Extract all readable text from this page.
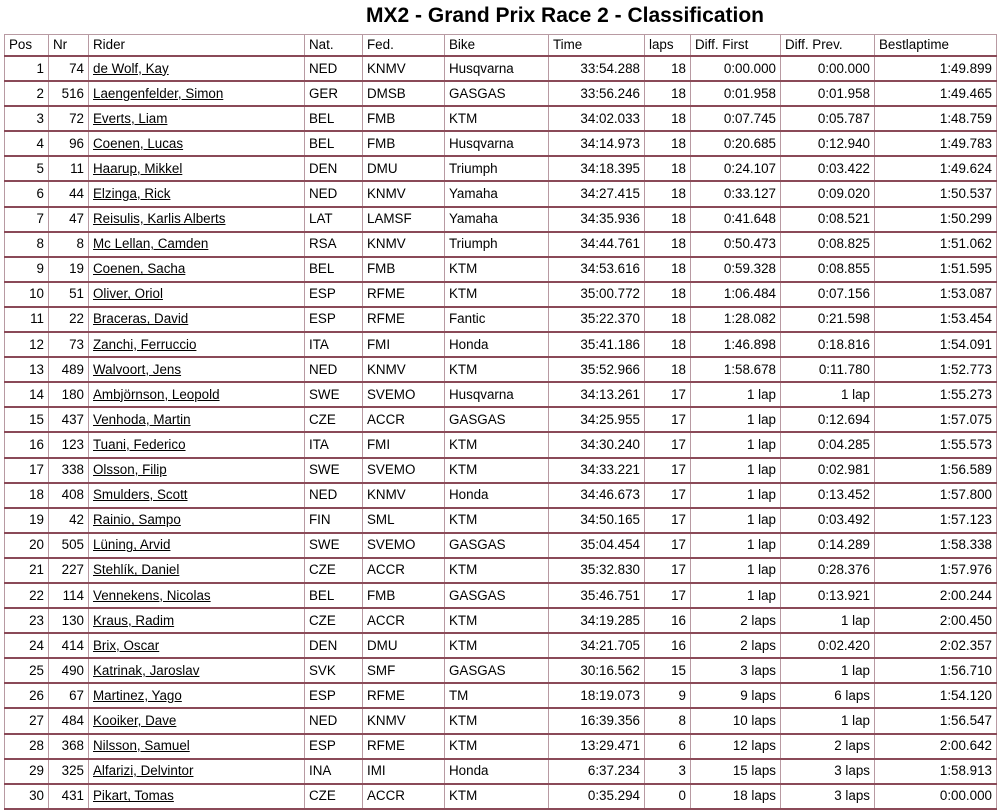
MX2 - Grand Prix Race 2 - Classification
Pos	Nr	Rider	Nat.	Fed.	Bike	Time	laps	Diff. First	Diff. Prev.	Bestlaptime
1	74	de Wolf, Kay	NED	KNMV	Husqvarna	33:54.288	18	0:00.000	0:00.000	1:49.899
2	516	Laengenfelder, Simon	GER	DMSB	GASGAS	33:56.246	18	0:01.958	0:01.958	1:49.465
3	72	Everts, Liam	BEL	FMB	KTM	34:02.033	18	0:07.745	0:05.787	1:48.759
4	96	Coenen, Lucas	BEL	FMB	Husqvarna	34:14.973	18	0:20.685	0:12.940	1:49.783
5	11	Haarup, Mikkel	DEN	DMU	Triumph	34:18.395	18	0:24.107	0:03.422	1:49.624
6	44	Elzinga, Rick	NED	KNMV	Yamaha	34:27.415	18	0:33.127	0:09.020	1:50.537
7	47	Reisulis, Karlis Alberts	LAT	LAMSF	Yamaha	34:35.936	18	0:41.648	0:08.521	1:50.299
8	8	Mc Lellan, Camden	RSA	KNMV	Triumph	34:44.761	18	0:50.473	0:08.825	1:51.062
9	19	Coenen, Sacha	BEL	FMB	KTM	34:53.616	18	0:59.328	0:08.855	1:51.595
10	51	Oliver, Oriol	ESP	RFME	KTM	35:00.772	18	1:06.484	0:07.156	1:53.087
11	22	Braceras, David	ESP	RFME	Fantic	35:22.370	18	1:28.082	0:21.598	1:53.454
12	73	Zanchi, Ferruccio	ITA	FMI	Honda	35:41.186	18	1:46.898	0:18.816	1:54.091
13	489	Walvoort, Jens	NED	KNMV	KTM	35:52.966	18	1:58.678	0:11.780	1:52.773
14	180	Ambjörnson, Leopold	SWE	SVEMO	Husqvarna	34:13.261	17	1 lap	1 lap	1:55.273
15	437	Venhoda, Martin	CZE	ACCR	GASGAS	34:25.955	17	1 lap	0:12.694	1:57.075
16	123	Tuani, Federico	ITA	FMI	KTM	34:30.240	17	1 lap	0:04.285	1:55.573
17	338	Olsson, Filip	SWE	SVEMO	KTM	34:33.221	17	1 lap	0:02.981	1:56.589
18	408	Smulders, Scott	NED	KNMV	Honda	34:46.673	17	1 lap	0:13.452	1:57.800
19	42	Rainio, Sampo	FIN	SML	KTM	34:50.165	17	1 lap	0:03.492	1:57.123
20	505	Lüning, Arvid	SWE	SVEMO	GASGAS	35:04.454	17	1 lap	0:14.289	1:58.338
21	227	Stehlík, Daniel	CZE	ACCR	KTM	35:32.830	17	1 lap	0:28.376	1:57.976
22	114	Vennekens, Nicolas	BEL	FMB	GASGAS	35:46.751	17	1 lap	0:13.921	2:00.244
23	130	Kraus, Radim	CZE	ACCR	KTM	34:19.285	16	2 laps	1 lap	2:00.450
24	414	Brix, Oscar	DEN	DMU	KTM	34:21.705	16	2 laps	0:02.420	2:02.357
25	490	Katrinak, Jaroslav	SVK	SMF	GASGAS	30:16.562	15	3 laps	1 lap	1:56.710
26	67	Martinez, Yago	ESP	RFME	TM	18:19.073	9	9 laps	6 laps	1:54.120
27	484	Kooiker, Dave	NED	KNMV	KTM	16:39.356	8	10 laps	1 lap	1:56.547
28	368	Nilsson, Samuel	ESP	RFME	KTM	13:29.471	6	12 laps	2 laps	2:00.642
29	325	Alfarizi, Delvintor	INA	IMI	Honda	6:37.234	3	15 laps	3 laps	1:58.913
30	431	Pikart, Tomas	CZE	ACCR	KTM	0:35.294	0	18 laps	3 laps	0:00.000
